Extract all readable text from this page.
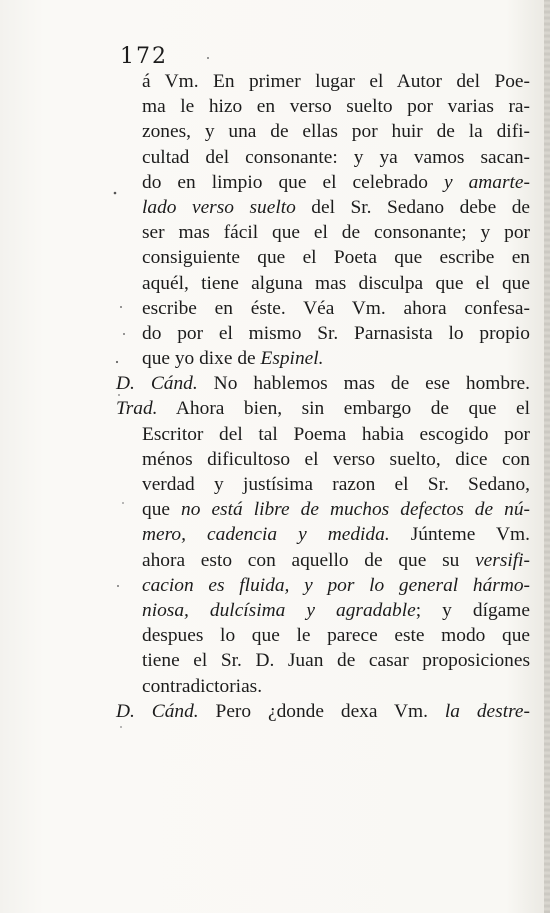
172
á Vm. En primer lugar el Autor del Poe-
ma le hizo en verso suelto por varias ra-
zones, y una de ellas por huir de la difi-
cultad del consonante: y ya vamos sacan-
do en limpio que el celebrado y amarte-
lado verso suelto del Sr. Sedano debe de
ser mas fácil que el de consonante; y por
consiguiente que el Poeta que escribe en
aquél, tiene alguna mas disculpa que el que
escribe en éste. Véa Vm. ahora confesa-
do por el mismo Sr. Parnasista lo propio
que yo dixe de Espinel.
D. Cánd. No hablemos mas de ese hombre.
Trad. Ahora bien, sin embargo de que el
Escritor del tal Poema habia escogido por
ménos dificultoso el verso suelto, dice con
verdad y justísima razon el Sr. Sedano,
que no está libre de muchos defectos de nú-
mero, cadencia y medida. Júnteme Vm.
ahora esto con aquello de que su versifi-
cacion es fluida, y por lo general hármo-
niosa, dulcísima y agradable; y dígame
despues lo que le parece este modo que
tiene el Sr. D. Juan de casar proposiciones
contradictorias.
D. Cánd. Pero ¿donde dexa Vm. la destre-
